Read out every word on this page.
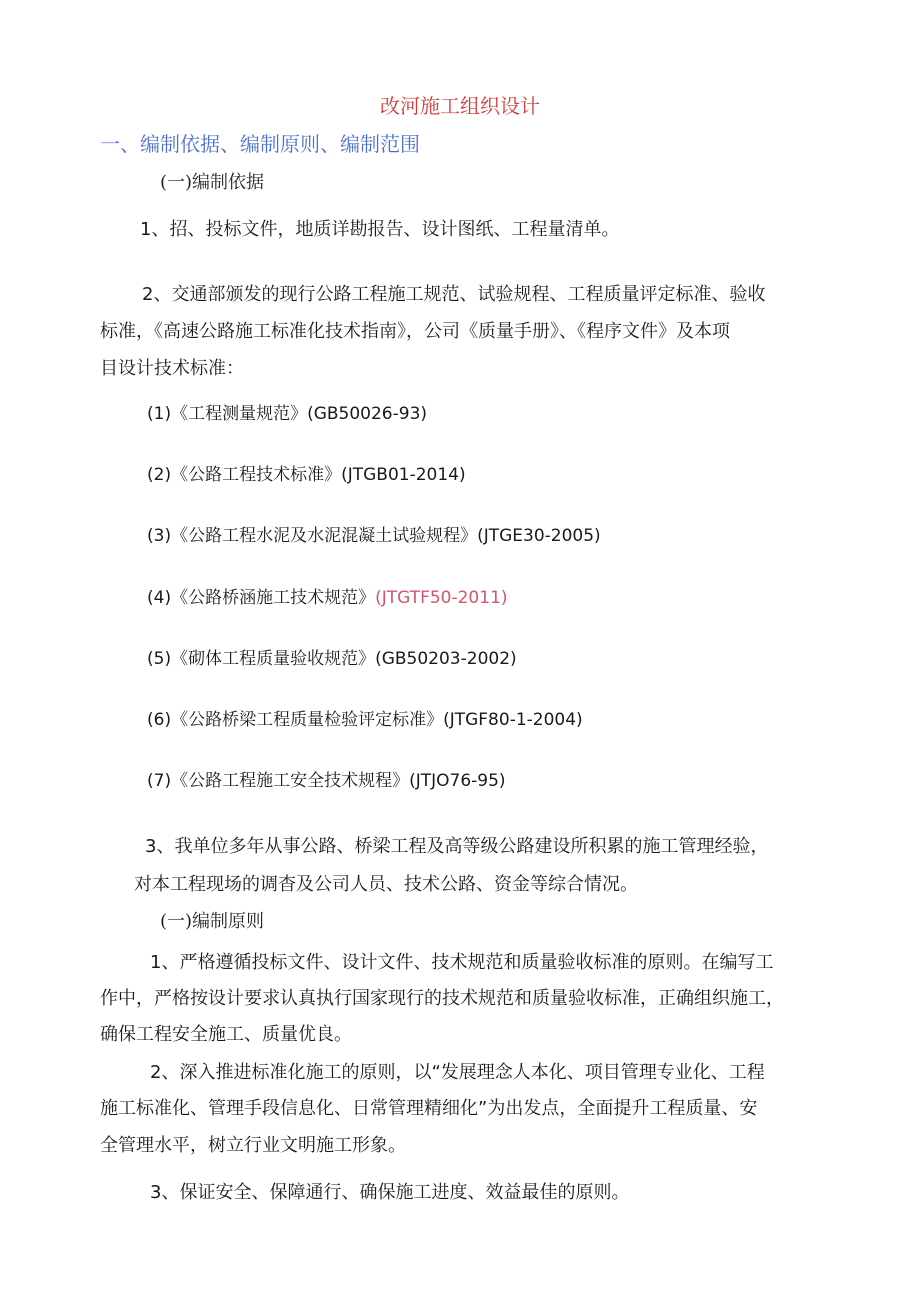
改河施工组织设计

一、编制依据、编制原则、编制范围

(一)编制依据

1、招、投标文件，地质详勘报告、设计图纸、工程量清单。

2、交通部颁发的现行公路工程施工规范、试验规程、工程质量评定标准、验收

标准，《高速公路施工标准化技术指南》，公司《质量手册》、《程序文件》及本项

目设计技术标准：

(1)《工程测量规范》(GB50026-93)

(2)《公路工程技术标准》(JTGB01-2014)

(3)《公路工程水泥及水泥混凝土试验规程》(JTGE30-2005)

(4)《公路桥涵施工技术规范》(JTGTF50-2011)

(5)《砌体工程质量验收规范》(GB50203-2002)

(6)《公路桥梁工程质量检验评定标准》(JTGF80-1-2004)

(7)《公路工程施工安全技术规程》(JTJO76-95)

3、我单位多年从事公路、桥梁工程及高等级公路建设所积累的施工管理经验，

对本工程现场的调杳及公司人员、技术公路、资金等综合情况。

(一)编制原则

1、严格遵循投标文件、设计文件、技术规范和质量验收标准的原则。在编写工

作中，严格按设计要求认真执行国家现行的技术规范和质量验收标准，正确组织施工，

确保工程安全施工、质量优良。

2、深入推进标准化施工的原则，以“发展理念人本化、项目管理专业化、工程

施工标准化、管理手段信息化、日常管理精细化”为出发点，全面提升工程质量、安

全管理水平，树立行业文明施工形象。

3、保证安全、保障通行、确保施工进度、效益最佳的原则。
